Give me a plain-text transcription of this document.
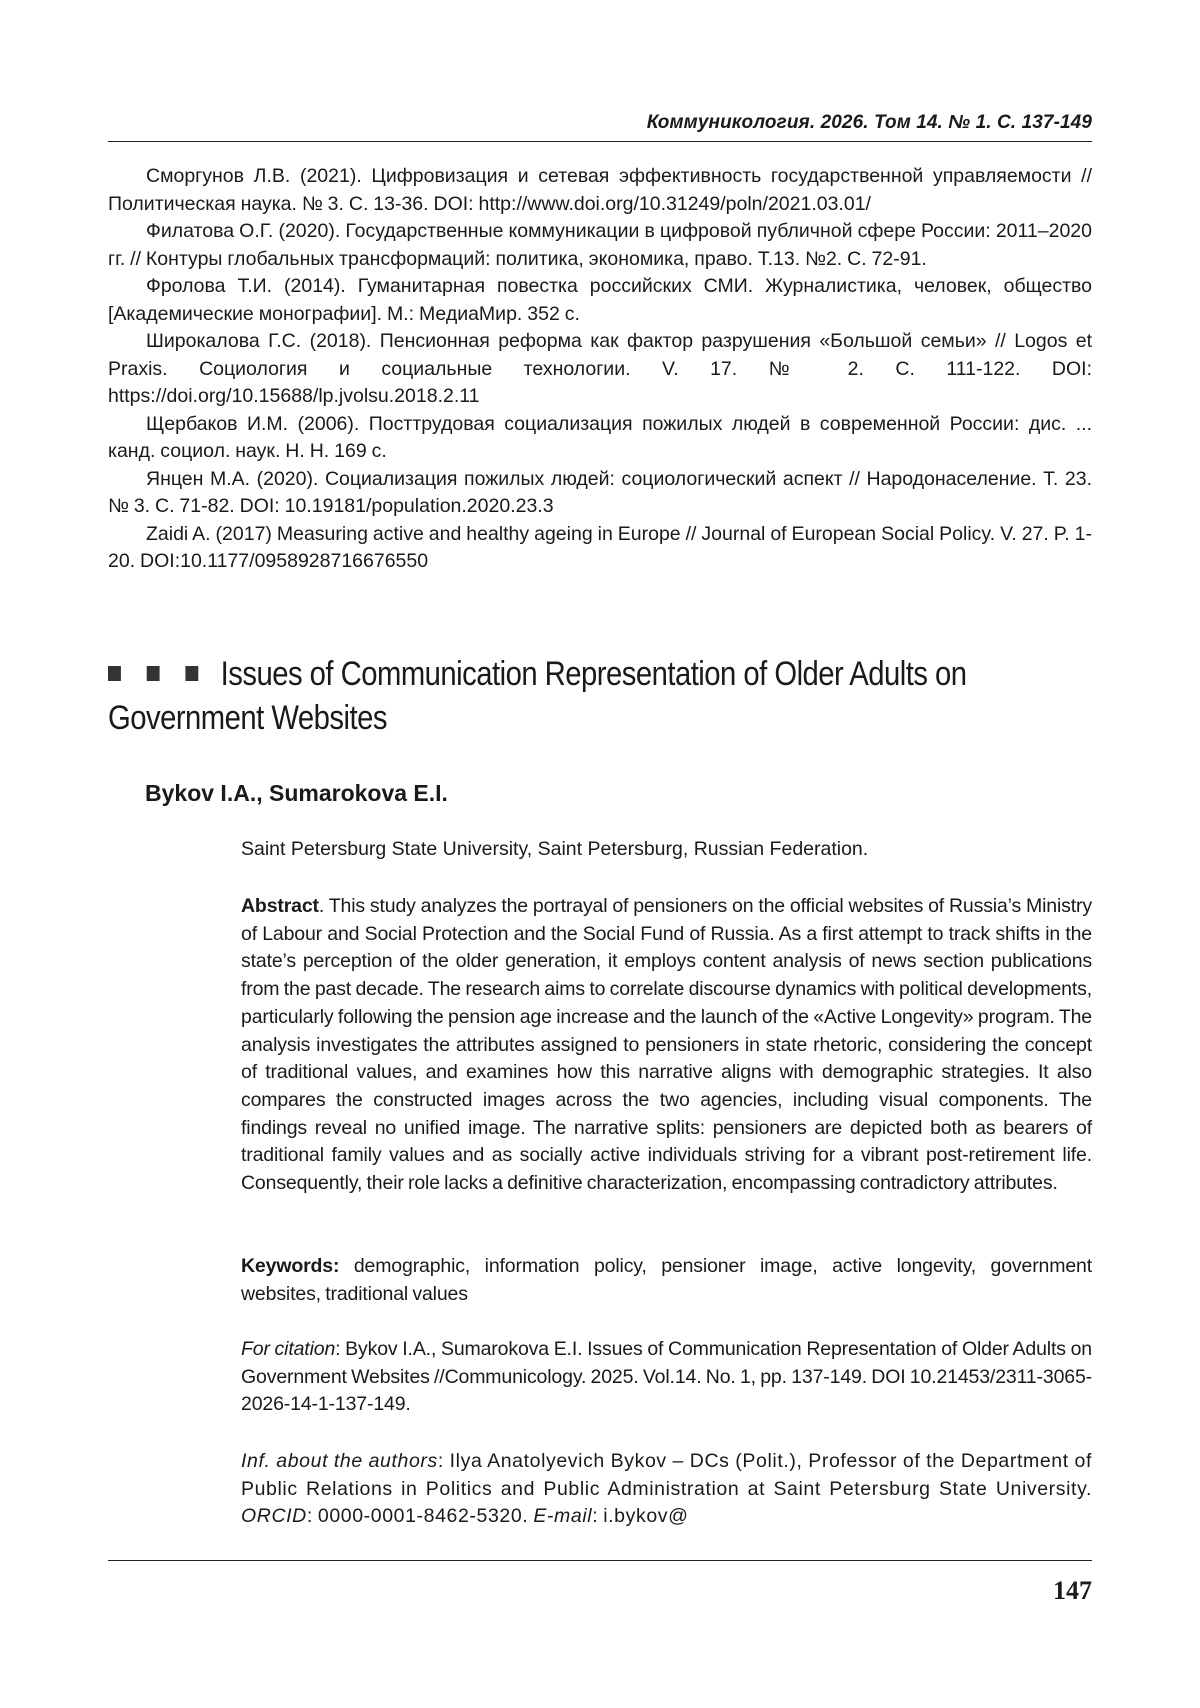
Коммуникология. 2026. Том 14. № 1. С. 137-149

Сморгунов Л.В. (2021). Цифровизация и сетевая эффективность государственной управляемости // Политическая наука. № 3. С. 13-36. DOI: http://www.doi.org/10.31249/poln/2021.03.01/

Филатова О.Г. (2020). Государственные коммуникации в цифровой публичной сфере России: 2011–2020 гг. // Контуры глобальных трансформаций: политика, экономика, право. Т.13. №2. С. 72-91.

Фролова Т.И. (2014). Гуманитарная повестка российских СМИ. Журналистика, человек, общество [Академические монографии]. М.: МедиаМир. 352 с.

Широкалова Г.С. (2018). Пенсионная реформа как фактор разрушения «Большой семьи» // Logos et Praxis. Социология и социальные технологии. V. 17. № 2. С. 111-122. DOI: https://doi.org/10.15688/lp.jvolsu.2018.2.11

Щербаков И.М. (2006). Посттрудовая социализация пожилых людей в современной России: дис. ... канд. социол. наук. Н. Н. 169 с.

Янцен М.А. (2020). Социализация пожилых людей: социологический аспект // Народонаселение. Т. 23. № 3. С. 71-82. DOI: 10.19181/population.2020.23.3

Zaidi A. (2017) Measuring active and healthy ageing in Europe // Journal of European Social Policy. V. 27. P. 1-20. DOI:10.1177/0958928716676550

Issues of Communication Representation of Older Adults on Government Websites
Bykov I.A., Sumarokova E.I.
Saint Petersburg State University, Saint Petersburg, Russian Federation.
Abstract. This study analyzes the portrayal of pensioners on the official websites of Russia’s Ministry of Labour and Social Protection and the Social Fund of Russia. As a first attempt to track shifts in the state’s perception of the older generation, it employs content analysis of news section publications from the past decade. The research aims to correlate discourse dynamics with political developments, particularly following the pension age increase and the launch of the «Active Longevity» program. The analysis investigates the attributes assigned to pensioners in state rhetoric, considering the concept of traditional values, and examines how this narrative aligns with demographic strategies. It also compares the constructed images across the two agencies, including visual components. The findings reveal no unified image. The narrative splits: pensioners are depicted both as bearers of traditional family values and as socially active individuals striving for a vibrant post-retirement life. Consequently, their role lacks a definitive characterization, encompassing contradictory attributes.
Keywords: demographic, information policy, pensioner image, active longevity, government websites, traditional values
For citation: Bykov I.A., Sumarokova E.I. Issues of Communication Representation of Older Adults on Government Websites //Communicology. 2025. Vol.14. No. 1, pp. 137-149. DOI 10.21453/2311-3065-2026-14-1-137-149.
Inf. about the authors: Ilya Anatolyevich Bykov – DCs (Polit.), Professor of the Department of Public Relations in Politics and Public Administration at Saint Petersburg State University. ORCID: 0000-0001-8462-5320. E-mail: i.bykov@
147
